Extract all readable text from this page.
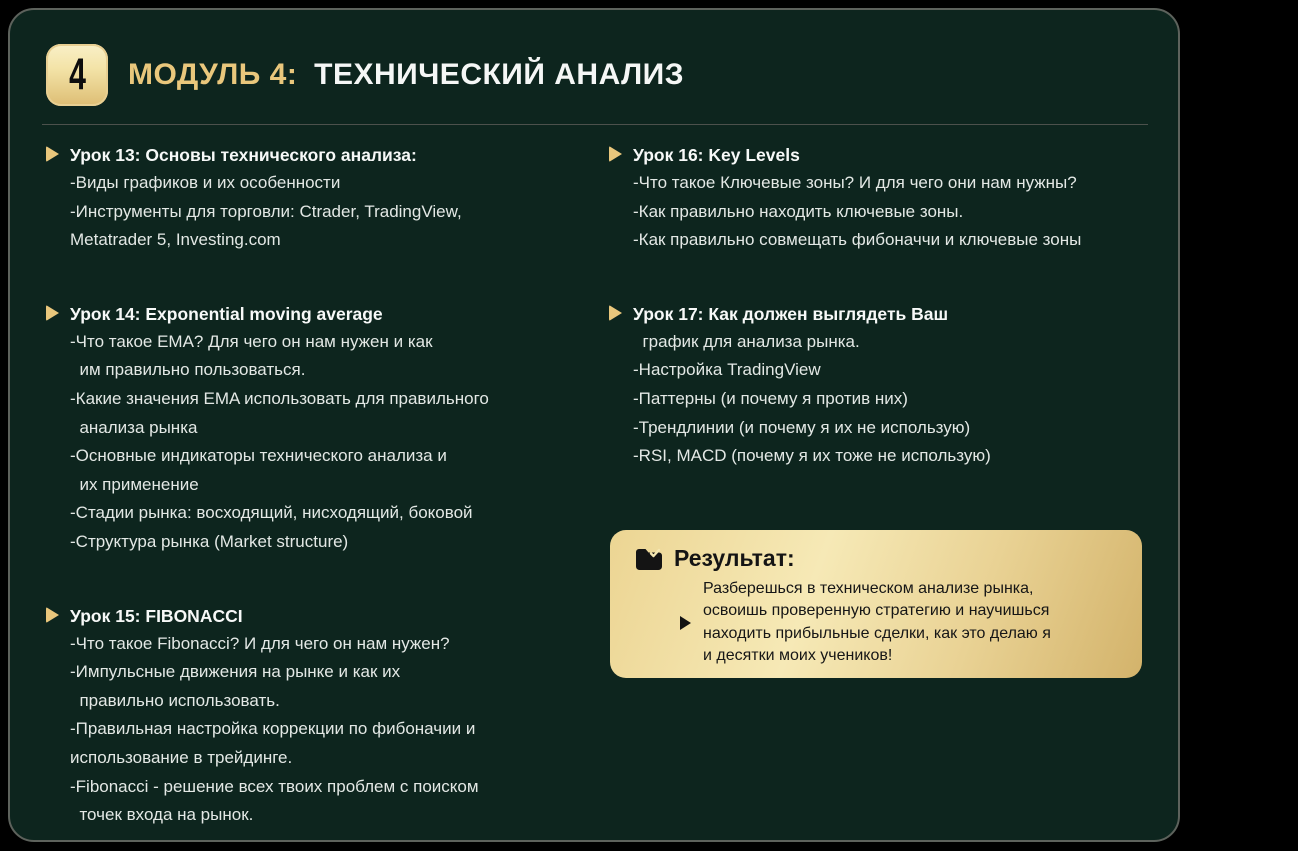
4 МОДУЛЬ 4: ТЕХНИЧЕСКИЙ АНАЛИЗ
Урок 13: Основы технического анализа:
-Виды графиков и их особенности
-Инструменты для торговли: Ctrader, TradingView,
Metatrader 5, Investing.com
Урок 14: Exponential moving average
-Что такое EMA? Для чего он нам нужен и как
им правильно пользоваться.
-Какие значения EMA использовать для правильного
анализа рынка
-Основные индикаторы технического анализа и
их применение
-Стадии рынка: восходящий, нисходящий, боковой
-Структура рынка (Market structure)
Урок 15: FIBONACCI
-Что такое Fibonacci? И для чего он нам нужен?
-Импульсные движения на рынке и как их
правильно использовать.
-Правильная настройка коррекции по фибоначии и
использование в трейдинге.
-Fibonacci - решение всех твоих проблем с поиском
точек входа на рынок.
Урок 16: Key Levels
-Что такое Ключевые зоны? И для чего они нам нужны?
-Как правильно находить ключевые зоны.
-Как правильно совмещать фибоначчи и ключевые зоны
Урок 17: Как должен выглядеть Ваш
график для анализа рынка.
-Настройка TradingView
-Паттерны (и почему я против них)
-Трендлинии (и почему я их не использую)
-RSI, MACD (почему я их тоже не использую)
Результат:
Разберешься в техническом анализе рынка,
освоишь проверенную стратегию и научишься
находить прибыльные сделки, как это делаю я
и десятки моих учеников!
